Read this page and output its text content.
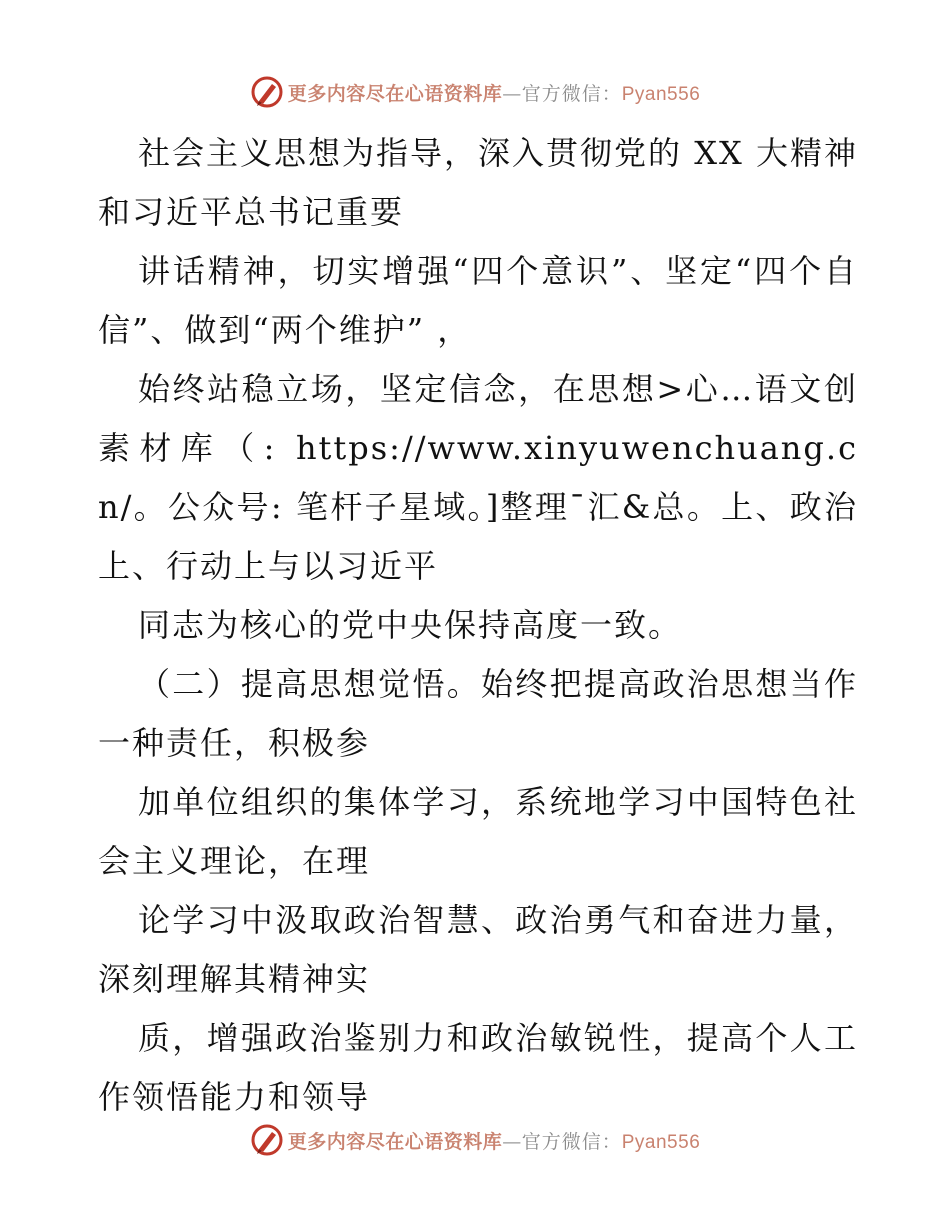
更多内容尽在心语资料库—官方微信：Pyan556

社会主义思想为指导，深入贯彻党的 XX 大精神和习近平总书记重要

讲话精神，切实增强“四个意识”、坚定“四个自信”、做到“两个维护” ，

始终站稳立场，坚定信念，在思想>心…语文创素材库（: https://www.xinyuwenchuang.cn/。公众号: 笔杆子星域。]整理¯汇&总。上、政治上、行动上与以习近平

同志为核心的党中央保持高度一致。

（二）提高思想觉悟。始终把提高政治思想当作一种责任，积极参

加单位组织的集体学习，系统地学习中国特色社会主义理论，在理

论学习中汲取政治智慧、政治勇气和奋进力量，深刻理解其精神实

质，增强政治鉴别力和政治敏锐性，提高个人工作领悟能力和领导

更多内容尽在心语资料库—官方微信：Pyan556
